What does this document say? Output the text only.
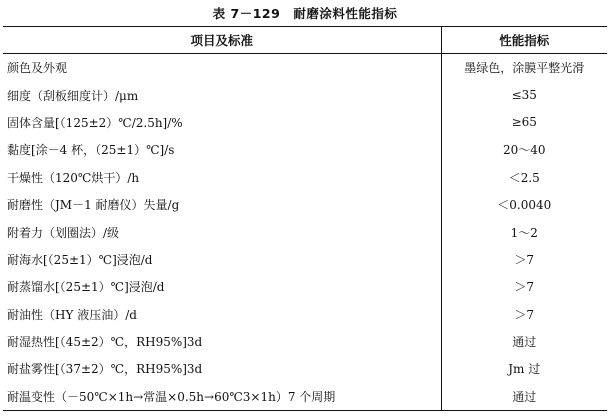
表 7－129　耐磨涂料性能指标
项目及标准	性能指标
颜色及外观	墨绿色，涂膜平整光滑
细度（刮板细度计）/μm	≤35
固体含量[（125±2）℃/2.5h]/%	≥65
黏度[涂－4 杯，（25±1）℃]/s	20～40
干燥性（120℃烘干）/h	＜2.5
耐磨性（JM－1 耐磨仪）失量/g	＜0.0040
附着力（划圈法）/级	1～2
耐海水[（25±1）℃]浸泡/d	＞7
耐蒸馏水[（25±1）℃]浸泡/d	＞7
耐油性（HY 液压油）/d	＞7
耐湿热性[（45±2）℃，RH95%]3d	通过
耐盐雾性[（37±2）℃，RH95%]3d	Jm 过
耐温变性（－50℃×1h→常温×0.5h→60℃3×1h）7 个周期	通过
